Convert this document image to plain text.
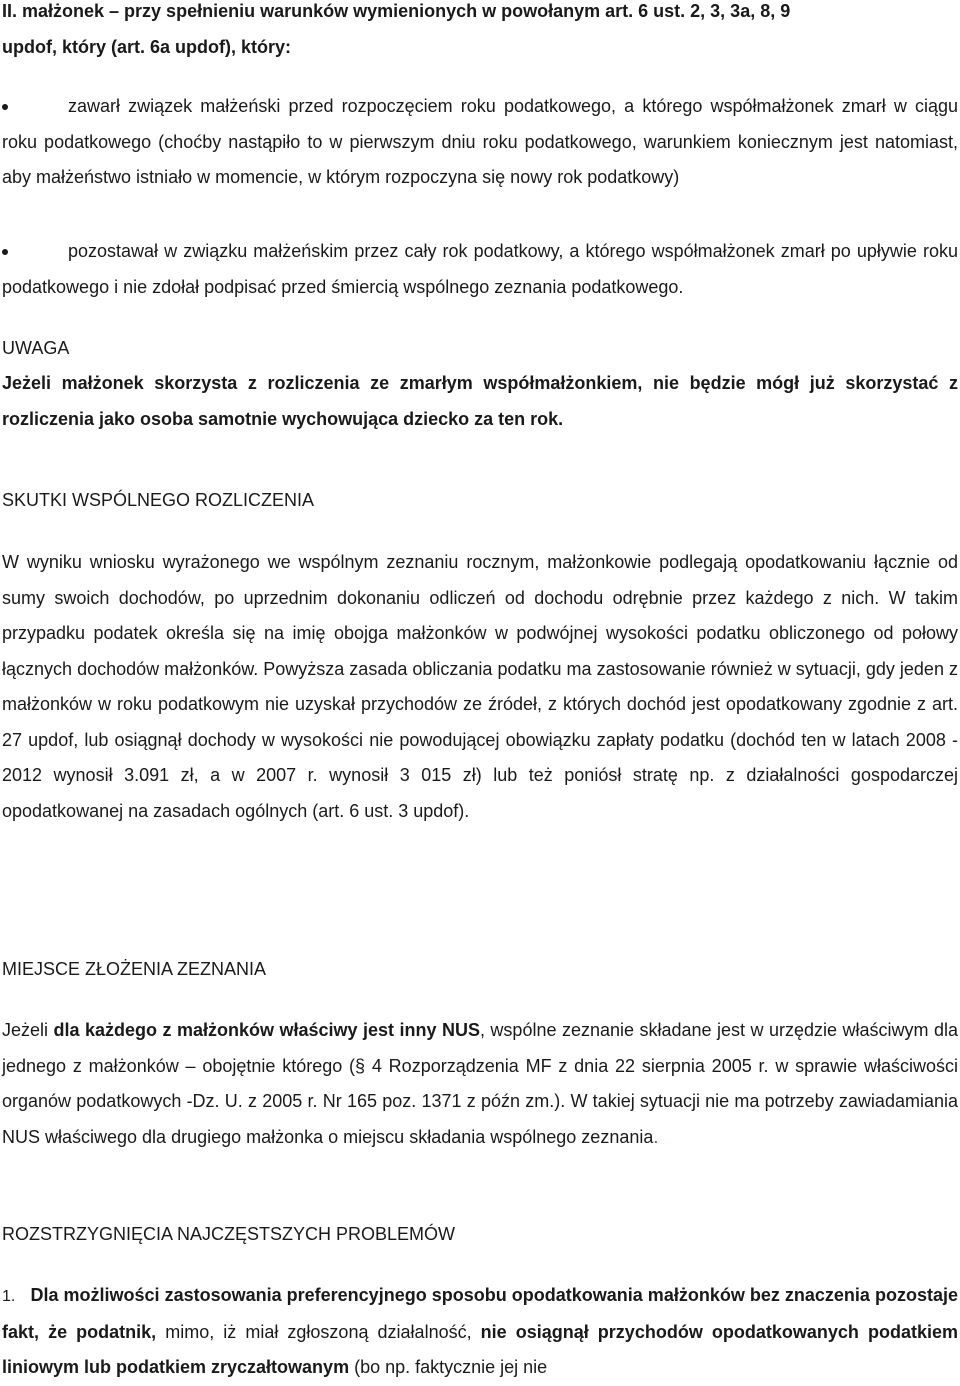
II. małżonek – przy spełnieniu warunków wymienionych w powołanym art. 6 ust. 2, 3, 3a, 8, 9

updof, który (art. 6a updof), który:

zawarł związek małżeński przed rozpoczęciem roku podatkowego, a którego współmałżonek zmarł w ciągu roku podatkowego (choćby nastąpiło to w pierwszym dniu roku podatkowego, warunkiem koniecznym jest natomiast, aby małżeństwo istniało w momencie, w którym rozpoczyna się nowy rok podatkowy)

pozostawał w związku małżeńskim przez cały rok podatkowy, a którego współmałżonek zmarł po upływie roku podatkowego i nie zdołał podpisać przed śmiercią wspólnego zeznania podatkowego.

UWAGA

Jeżeli małżonek skorzysta z rozliczenia ze zmarłym współmałżonkiem, nie będzie mógł już skorzystać z rozliczenia jako osoba samotnie wychowująca dziecko za ten rok.

SKUTKI WSPÓLNEGO ROZLICZENIA

W wyniku wniosku wyrażonego we wspólnym zeznaniu rocznym, małżonkowie podlegają opodatkowaniu łącznie od sumy swoich dochodów, po uprzednim dokonaniu odliczeń od dochodu odrębnie przez każdego z nich. W takim przypadku podatek określa się na imię obojga małżonków w podwójnej wysokości podatku obliczonego od połowy łącznych dochodów małżonków. Powyższa zasada obliczania podatku ma zastosowanie również w sytuacji, gdy jeden z małżonków w roku podatkowym nie uzyskał przychodów ze źródeł, z których dochód jest opodatkowany zgodnie z art. 27 updof, lub osiągnął dochody w wysokości nie powodującej obowiązku zapłaty podatku (dochód ten w latach 2008 - 2012 wynosił 3.091 zł, a w 2007 r. wynosił 3 015 zł) lub też poniósł stratę np. z działalności gospodarczej opodatkowanej na zasadach ogólnych (art. 6 ust. 3 updof).

MIEJSCE ZŁOŻENIA ZEZNANIA

Jeżeli dla każdego z małżonków właściwy jest inny NUS, wspólne zeznanie składane jest w urzędzie właściwym dla jednego z małżonków – obojętnie którego (§ 4 Rozporządzenia MF z dnia 22 sierpnia 2005 r. w sprawie właściwości organów podatkowych -Dz. U. z 2005 r. Nr 165 poz. 1371 z późn zm.). W takiej sytuacji nie ma potrzeby zawiadamiania NUS właściwego dla drugiego małżonka o miejscu składania wspólnego zeznania.

ROZSTRZYGNIĘCIA NAJCZĘSTSZYCH PROBLEMÓW

1. Dla możliwości zastosowania preferencyjnego sposobu opodatkowania małżonków bez znaczenia pozostaje fakt, że podatnik, mimo, iż miał zgłoszoną działalność, nie osiągnął przychodów opodatkowanych podatkiem liniowym lub podatkiem zryczałtowanym (bo np. faktycznie jej nie
